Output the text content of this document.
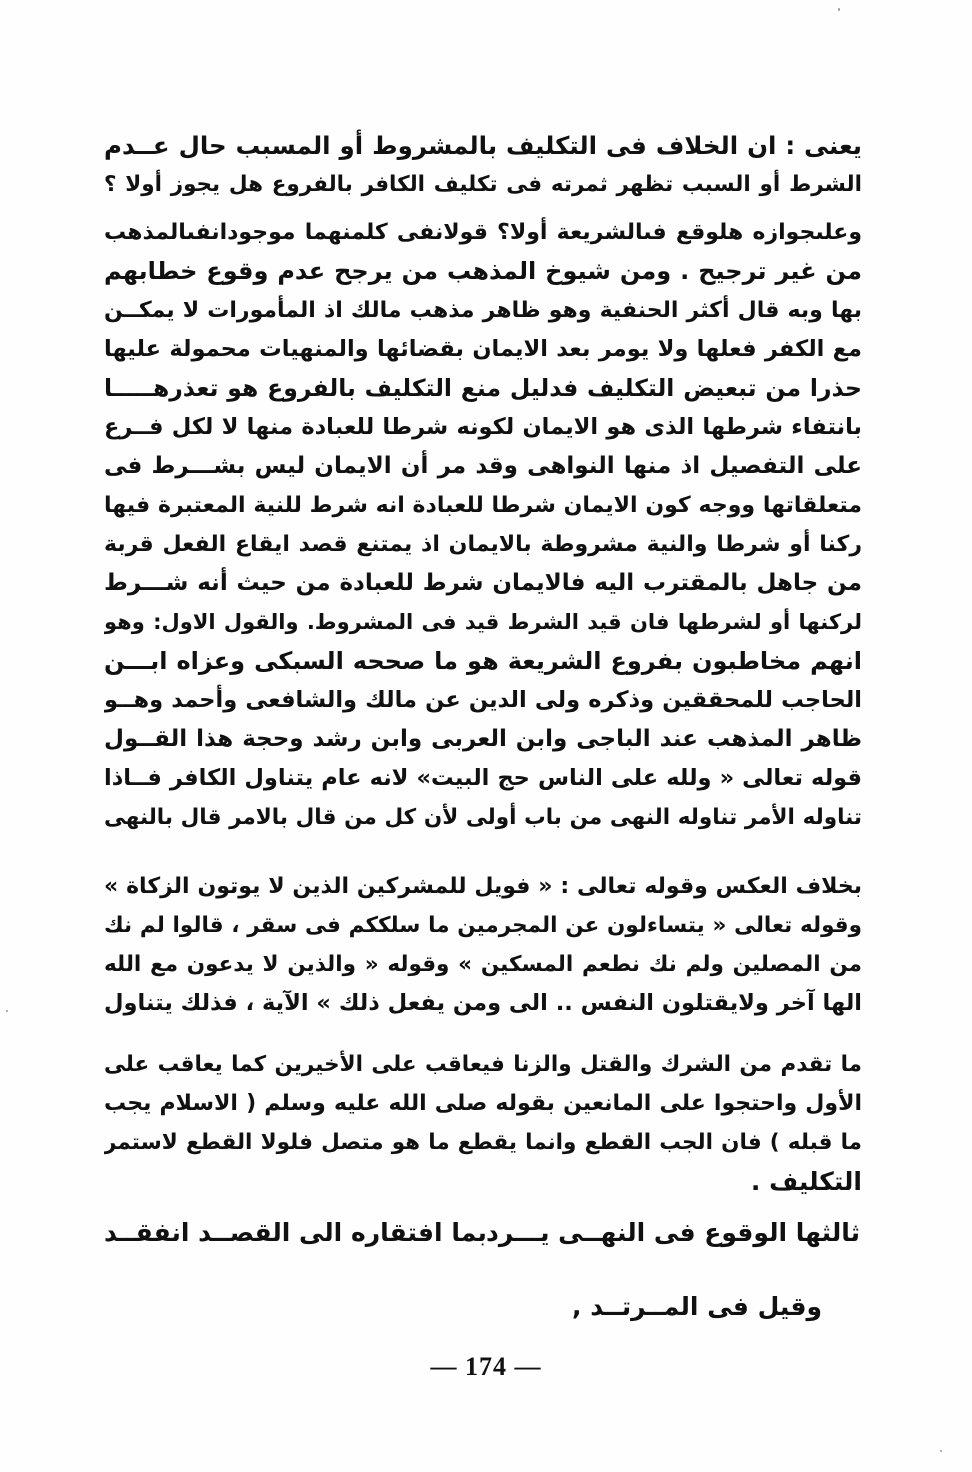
يعنى : ان الخلاف فى التكليف بالمشروط أو المسبب حال عــدم
الشرط أو السبب تظهر ثمرته فى تكليف الكافر بالفروع هل يجوز أولا ؟
وعلىجوازه هلوقع فىالشريعة أولا؟ قولانفى كلمنهما موجودانفىالمذهب
من غير ترجيح . ومن شيوخ المذهب من يرجح عدم وقوع خطابهم
بها وبه قال أكثر الحنفية وهو ظاهر مذهب مالك اذ المأمورات لا يمكــن
مع الكفر فعلها ولا يومر بعد الايمان بقضائها والمنهيات محمولة عليها
حذرا من تبعيض التكليف فدليل منع التكليف بالفروع هو تعذرهـــــا
بانتفاء شرطها الذى هو الايمان لكونه شرطا للعبادة منها لا لكل فــرع
على التفصيل اذ منها النواهى وقد مر أن الايمان ليس بشـــرط فى
متعلقاتها ووجه كون الايمان شرطا للعبادة انه شرط للنية المعتبرة فيها
ركنا أو شرطا والنية مشروطة بالايمان اذ يمتنع قصد ايقاع الفعل قربة
من جاهل بالمقترب اليه فالايمان شرط للعبادة من حيث أنه شـــرط
لركنها أو لشرطها فان قيد الشرط قيد فى المشروط. والقول الاول: وهو
انهم مخاطبون بفروع الشريعة هو ما صححه السبكى وعزاه ابـــن
الحاجب للمحققين وذكره ولى الدين عن مالك والشافعى وأحمد وهــو
ظاهر المذهب عند الباجى وابن العربى وابن رشد وحجة هذا القــول
قوله تعالى « ولله على الناس حج البيت» لانه عام يتناول الكافر فــاذا
تناوله الأمر تناوله النهى من باب أولى لأن كل من قال بالامر قال بالنهى
بخلاف العكس وقوله تعالى : « فويل للمشركين الذين لا يوتون الزكاة »
وقوله تعالى « يتساءلون عن المجرمين ما سلككم فى سقر ، قالوا لم نك
من المصلين ولم نك نطعم المسكين » وقوله « والذين لا يدعون مع الله
الها آخر ولايقتلون النفس .. الى ومن يفعل ذلك » الآية ، فذلك يتناول
ما تقدم من الشرك والقتل والزنا فيعاقب على الأخيرين كما يعاقب على
الأول واحتجوا على المانعين بقوله صلى الله عليه وسلم ( الاسلام يجب
ما قبله ) فان الجب القطع وانما يقطع ما هو متصل فلولا القطع لاستمر
التكليف .
ثالثها الوقوع فى النهــى يـــرد
بما افتقاره الى القصــد انفقــد
وقيل فى المــرتــد ,
— 174 —
